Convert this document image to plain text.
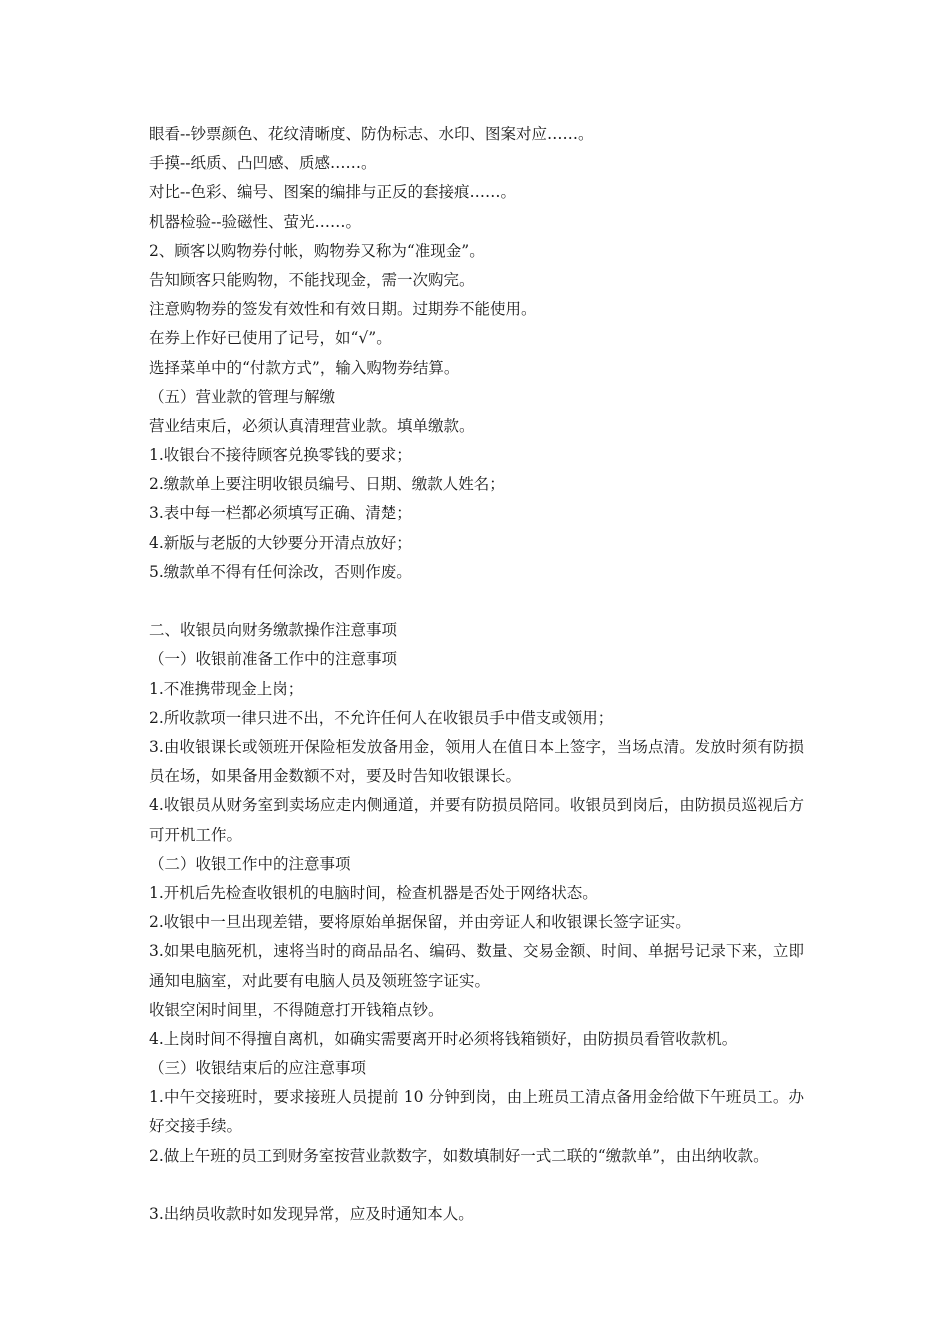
眼看--钞票颜色、花纹清晰度、防伪标志、水印、图案对应……。
手摸--纸质、凸凹感、质感……。
对比--色彩、编号、图案的编排与正反的套接痕……。
机器检验--验磁性、萤光……。
2、顾客以购物券付帐，购物券又称为“准现金”。
告知顾客只能购物，不能找现金，需一次购完。
注意购物券的签发有效性和有效日期。过期券不能使用。
在券上作好已使用了记号，如“√”。
选择菜单中的“付款方式”，输入购物券结算。
（五）营业款的管理与解缴
营业结束后，必须认真清理营业款。填单缴款。
1.收银台不接待顾客兑换零钱的要求；
2.缴款单上要注明收银员编号、日期、缴款人姓名；
3.表中每一栏都必须填写正确、清楚；
4.新版与老版的大钞要分开清点放好；
5.缴款单不得有任何涂改，否则作废。
二、收银员向财务缴款操作注意事项
（一）收银前准备工作中的注意事项
1.不准携带现金上岗；
2.所收款项一律只进不出，不允许任何人在收银员手中借支或领用；
3.由收银课长或领班开保险柜发放备用金，领用人在值日本上签字，当场点清。发放时须有防损员在场，如果备用金数额不对，要及时告知收银课长。
4.收银员从财务室到卖场应走内侧通道，并要有防损员陪同。收银员到岗后，由防损员巡视后方可开机工作。
（二）收银工作中的注意事项
1.开机后先检查收银机的电脑时间，检查机器是否处于网络状态。
2.收银中一旦出现差错，要将原始单据保留，并由旁证人和收银课长签字证实。
3.如果电脑死机，速将当时的商品品名、编码、数量、交易金额、时间、单据号记录下来，立即通知电脑室，对此要有电脑人员及领班签字证实。
收银空闲时间里，不得随意打开钱箱点钞。
4.上岗时间不得擅自离机，如确实需要离开时必须将钱箱锁好，由防损员看管收款机。
（三）收银结束后的应注意事项
1.中午交接班时，要求接班人员提前 10 分钟到岗，由上班员工清点备用金给做下午班员工。办好交接手续。
2.做上午班的员工到财务室按营业款数字，如数填制好一式二联的“缴款单”，由出纳收款。
3.出纳员收款时如发现异常，应及时通知本人。
